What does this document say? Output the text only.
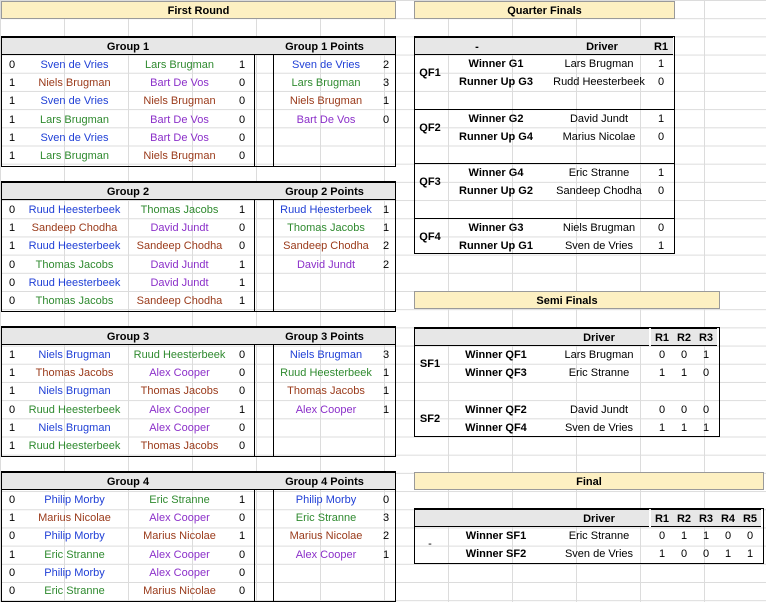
First Round
Group 1	Group 1 Points
0	Sven de Vries	Lars Brugman	1
1	Niels Brugman	Bart De Vos	0
1	Sven de Vries	Niels Brugman	0
1	Lars Brugman	Bart De Vos	0
1	Sven de Vries	Bart De Vos	0
1	Lars Brugman	Niels Brugman	0
Sven de Vries	2
Lars Brugman	3
Niels Brugman	1
Bart De Vos	0
Group 2	Group 2 Points
0	Ruud Heesterbeek	Thomas Jacobs	1
1	Sandeep Chodha	David Jundt	0
1	Ruud Heesterbeek	Sandeep Chodha	0
0	Thomas Jacobs	David Jundt	1
0	Ruud Heesterbeek	David Jundt	1
0	Thomas Jacobs	Sandeep Chodha	1
Ruud Heesterbeek	1
Thomas Jacobs	1
Sandeep Chodha	2
David Jundt	2
Group 3	Group 3 Points
1	Niels Brugman	Ruud Heesterbeek	0
1	Thomas Jacobs	Alex Cooper	0
1	Niels Brugman	Thomas Jacobs	0
0	Ruud Heesterbeek	Alex Cooper	1
1	Niels Brugman	Alex Cooper	0
1	Ruud Heesterbeek	Thomas Jacobs	0
Niels Brugman	3
Ruud Heesterbeek	1
Thomas Jacobs	1
Alex Cooper	1
Group 4	Group 4 Points
0	Philip Morby	Eric Stranne	1
1	Marius Nicolae	Alex Cooper	0
0	Philip Morby	Marius Nicolae	1
1	Eric Stranne	Alex Cooper	0
0	Philip Morby	Alex Cooper	0
0	Eric Stranne	Marius Nicolae	0
Philip Morby	0
Eric Stranne	3
Marius Nicolae	2
Alex Cooper	1
Quarter Finals
-	Driver	R1
QF1
Winner G1	Lars Brugman	1
Runner Up G3	Rudd Heesterbeek	0
QF2
Winner G2	David Jundt	1
Runner Up G4	Marius Nicolae	0
QF3
Winner G4	Eric Stranne	1
Runner Up G2	Sandeep Chodha	0
QF4
Winner G3	Niels Brugman	0
Runner Up G1	Sven de Vries	1
Semi Finals
Driver	R1 R2 R3
SF1
Winner QF1	Lars Brugman	0	0	1
Winner QF3	Eric Stranne	1	1	0
SF2
Winner QF2	David Jundt	0	0	0
Winner QF4	Sven de Vries	1	1	1
Final
Driver	R1 R2 R3 R4 R5
-
Winner SF1	Eric Stranne	0	1	1	0	0
Winner SF2	Sven de Vries	1	0	0	1	1
